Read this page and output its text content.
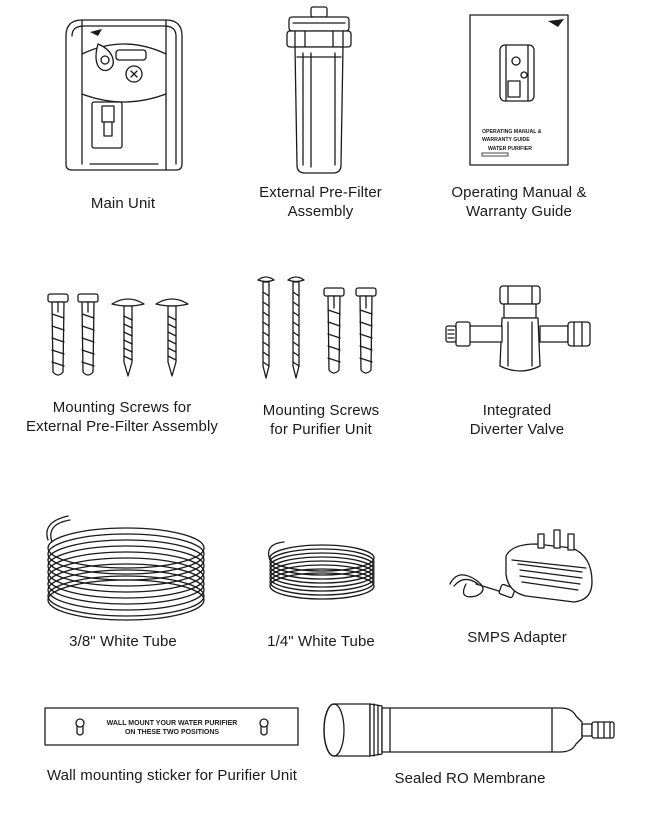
Main Unit
External Pre-Filter
Assembly
OPERATING MANUAL &
WARRANTY GUIDE
WATER PURIFIER
Operating Manual &
Warranty Guide
Mounting Screws for
External Pre-Filter Assembly
Mounting Screws
for Purifier Unit
Integrated
Diverter Valve
3/8" White Tube	1/4" White Tube	SMPS Adapter
WALL MOUNT YOUR WATER PURIFIER
ON THESE TWO POSITIONS
Wall mounting sticker for Purifier Unit	Sealed RO Membrane
